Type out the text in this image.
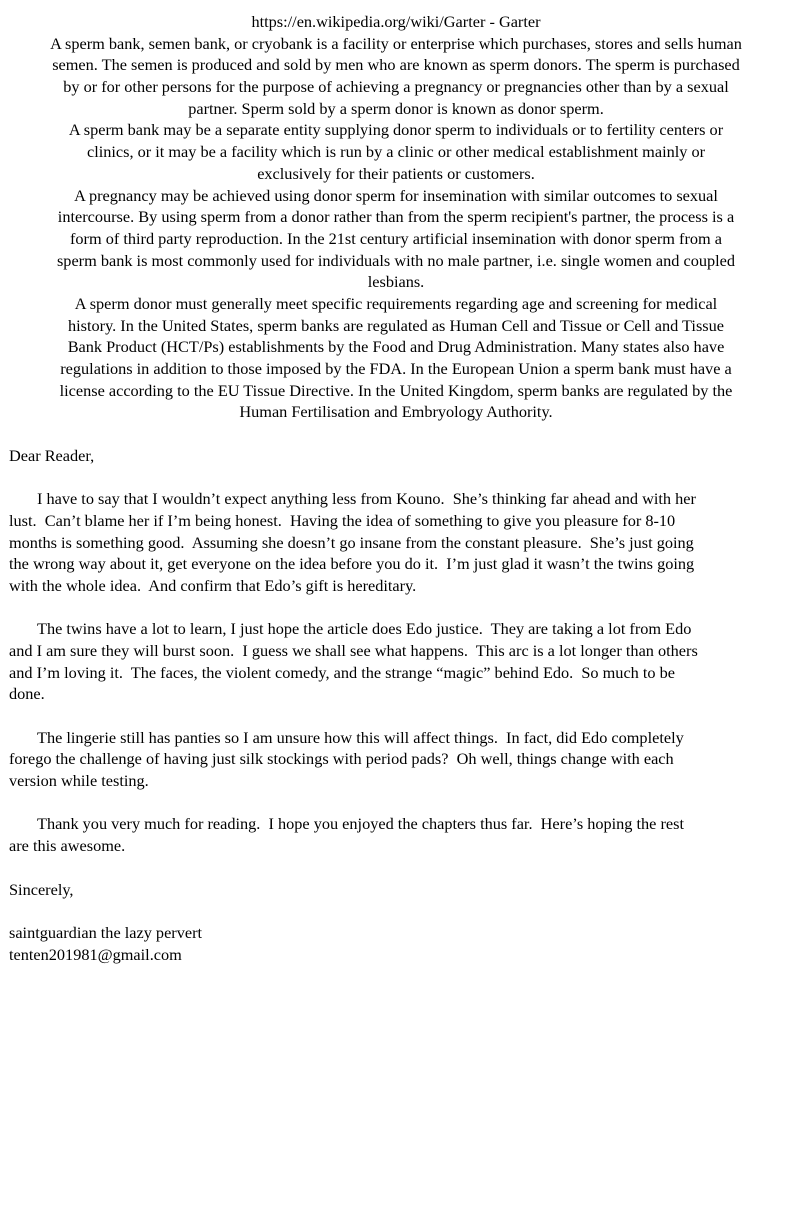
https://en.wikipedia.org/wiki/Garter - Garter
A sperm bank, semen bank, or cryobank is a facility or enterprise which purchases, stores and sells human
semen. The semen is produced and sold by men who are known as sperm donors. The sperm is purchased
by or for other persons for the purpose of achieving a pregnancy or pregnancies other than by a sexual
partner. Sperm sold by a sperm donor is known as donor sperm.
A sperm bank may be a separate entity supplying donor sperm to individuals or to fertility centers or
clinics, or it may be a facility which is run by a clinic or other medical establishment mainly or
exclusively for their patients or customers.
A pregnancy may be achieved using donor sperm for insemination with similar outcomes to sexual
intercourse. By using sperm from a donor rather than from the sperm recipient's partner, the process is a
form of third party reproduction. In the 21st century artificial insemination with donor sperm from a
sperm bank is most commonly used for individuals with no male partner, i.e. single women and coupled
lesbians.
A sperm donor must generally meet specific requirements regarding age and screening for medical
history. In the United States, sperm banks are regulated as Human Cell and Tissue or Cell and Tissue
Bank Product (HCT/Ps) establishments by the Food and Drug Administration. Many states also have
regulations in addition to those imposed by the FDA. In the European Union a sperm bank must have a
license according to the EU Tissue Directive. In the United Kingdom, sperm banks are regulated by the
Human Fertilisation and Embryology Authority.
Dear Reader,
I have to say that I wouldn’t expect anything less from Kouno.  She’s thinking far ahead and with her
lust.  Can’t blame her if I’m being honest.  Having the idea of something to give you pleasure for 8-10
months is something good.  Assuming she doesn’t go insane from the constant pleasure.  She’s just going
the wrong way about it, get everyone on the idea before you do it.  I’m just glad it wasn’t the twins going
with the whole idea.  And confirm that Edo’s gift is hereditary.
The twins have a lot to learn, I just hope the article does Edo justice.  They are taking a lot from Edo
and I am sure they will burst soon.  I guess we shall see what happens.  This arc is a lot longer than others
and I’m loving it.  The faces, the violent comedy, and the strange “magic” behind Edo.  So much to be
done.
The lingerie still has panties so I am unsure how this will affect things.  In fact, did Edo completely
forego the challenge of having just silk stockings with period pads?  Oh well, things change with each
version while testing.
Thank you very much for reading.  I hope you enjoyed the chapters thus far.  Here’s hoping the rest
are this awesome.
Sincerely,
saintguardian the lazy pervert
tenten201981@gmail.com
